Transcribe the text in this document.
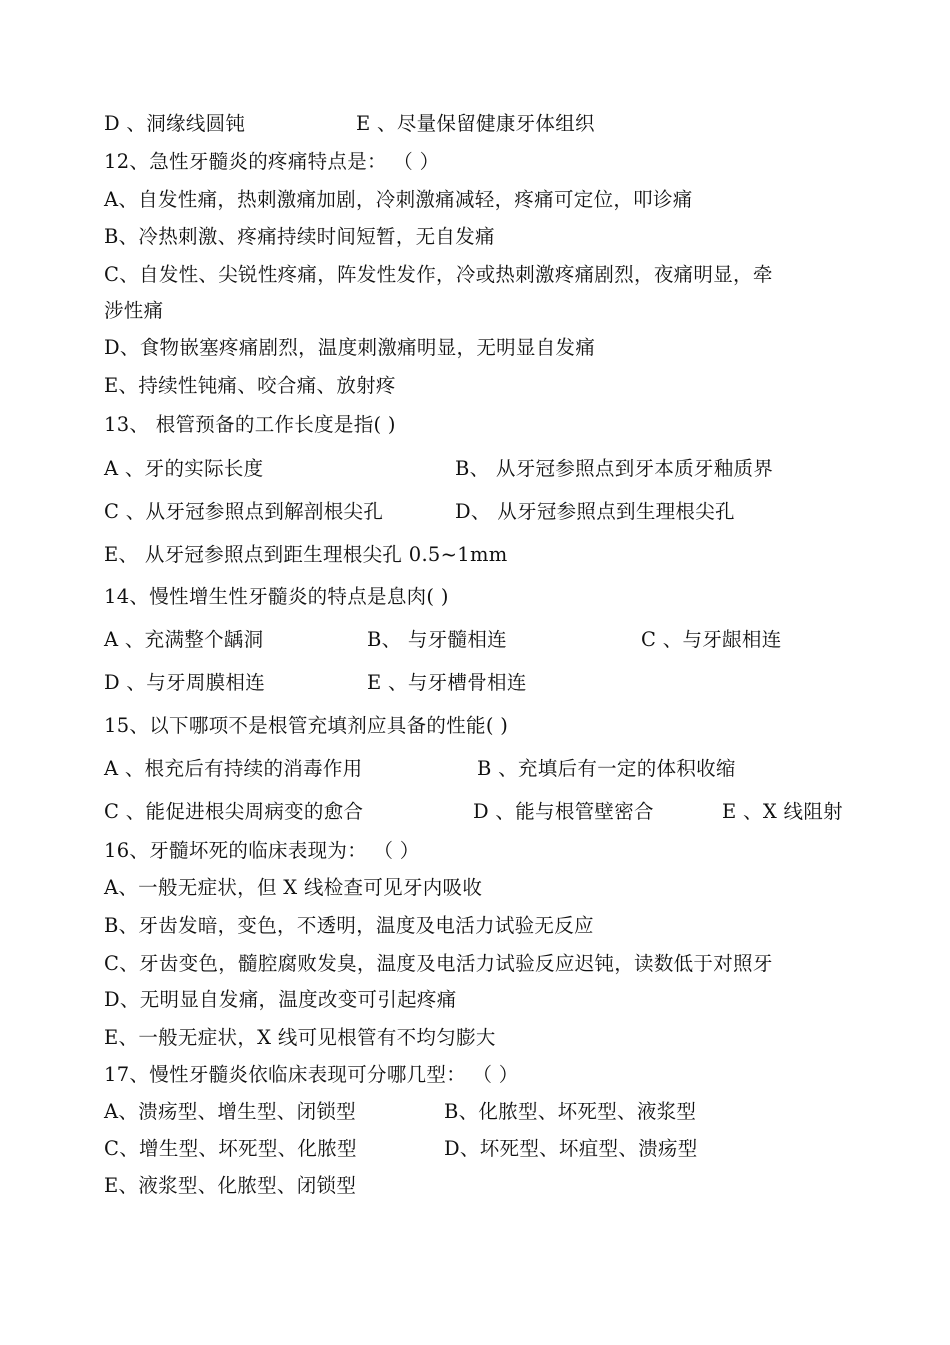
D 、洞缘线圆钝	E 、尽量保留健康牙体组织
12、急性牙髓炎的疼痛特点是： （ ）
A、自发性痛，热刺激痛加剧，冷刺激痛减轻，疼痛可定位，叩诊痛
B、冷热刺激、疼痛持续时间短暂，无自发痛
C、自发性、尖锐性疼痛，阵发性发作，冷或热刺激疼痛剧烈，夜痛明显，牵
涉性痛
D、食物嵌塞疼痛剧烈，温度刺激痛明显，无明显自发痛
E、持续性钝痛、咬合痛、放射疼
13、 根管预备的工作长度是指( )
A 、牙的实际长度	B、 从牙冠参照点到牙本质牙釉质界
C 、从牙冠参照点到解剖根尖孔	D、 从牙冠参照点到生理根尖孔
E、 从牙冠参照点到距生理根尖孔 0.5~1mm
14、慢性增生性牙髓炎的特点是息肉( )
A 、充满整个龋洞	B、 与牙髓相连	C 、与牙龈相连
D 、与牙周膜相连	E 、与牙槽骨相连
15、以下哪项不是根管充填剂应具备的性能( )
A 、根充后有持续的消毒作用	B 、充填后有一定的体积收缩
C 、能促进根尖周病变的愈合	D 、能与根管壁密合	E 、X 线阻射
16、牙髓坏死的临床表现为： （ ）
A、一般无症状，但 X 线检查可见牙内吸收
B、牙齿发暗，变色，不透明，温度及电活力试验无反应
C、牙齿变色，髓腔腐败发臭，温度及电活力试验反应迟钝，读数低于对照牙
D、无明显自发痛，温度改变可引起疼痛
E、一般无症状，X 线可见根管有不均匀膨大
17、慢性牙髓炎依临床表现可分哪几型： （ ）
A、溃疡型、增生型、闭锁型	B、化脓型、坏死型、液浆型
C、增生型、坏死型、化脓型	D、坏死型、坏疽型、溃疡型
E、液浆型、化脓型、闭锁型
